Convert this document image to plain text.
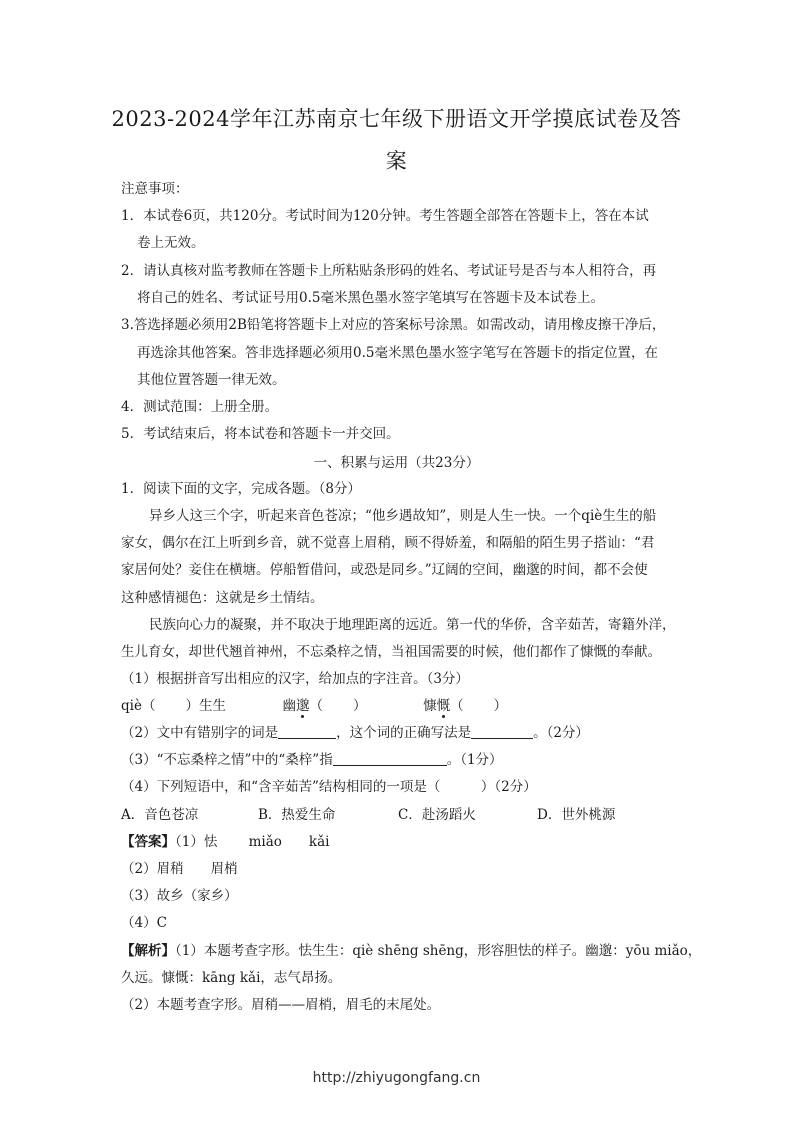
2023-2024学年江苏南京七年级下册语文开学摸底试卷及答
案
注意事项：
1．本试卷6页，共120分。考试时间为120分钟。考生答题全部答在答题卡上，答在本试
卷上无效。
2．请认真核对监考教师在答题卡上所粘贴条形码的姓名、考试证号是否与本人相符合，再
将自己的姓名、考试证号用0.5毫米黑色墨水签字笔填写在答题卡及本试卷上。
3.答选择题必须用2B铅笔将答题卡上对应的答案标号涂黑。如需改动，请用橡皮擦干净后，
再选涂其他答案。答非选择题必须用0.5毫米黑色墨水签字笔写在答题卡的指定位置，在
其他位置答题一律无效。
4．测试范围：上册全册。
5．考试结束后，将本试卷和答题卡一并交回。
一、积累与运用（共23分）
1．阅读下面的文字，完成各题。（8分）
异乡人这三个字，听起来音色苍凉；“他乡遇故知”，则是人生一快。一个qiè生生的船
家女，偶尔在江上听到乡音，就不觉喜上眉稍，顾不得娇羞，和隔船的陌生男子搭讪：“君
家居何处？妾住在横塘。停船暂借问，或恐是同乡。”辽阔的空间，幽邈的时间，都不会使
这种感情褪色：这就是乡土情结。
民族向心力的凝聚，并不取决于地理距离的远近。第一代的华侨，含辛茹苦，寄籍外洋，
生儿育女，却世代翘首神州，不忘桑梓之情，当祖国需要的时候，他们都作了慷慨的奉献。
（1）根据拼音写出相应的汉字，给加点的字注音。（3分）
qiè（ ）生生	幽邈（ ）	慷慨（ ）
（2）文中有错别字的词是	，这个词的正确写法是	。（2分）
（3）“不忘桑梓之情”中的“桑梓”指	。（1分）
（4）下列短语中，和“含辛茹苦”结构相同的一项是（　　　）（2分）
A．音色苍凉	B．热爱生命	C．赴汤蹈火	D．世外桃源
【答案】（1）怯　　 miǎo　　kǎi
（2）眉稍　　眉梢
（3）故乡（家乡）
（4）C
【解析】（1）本题考查字形。怯生生：qiè shēng shēng，形容胆怯的样子。幽邈：yōu miǎo，
久远。慷慨：kāng kǎi，志气昂扬。
（2）本题考查字形。眉稍——眉梢，眉毛的末尾处。
http://zhiyugongfang.cn
